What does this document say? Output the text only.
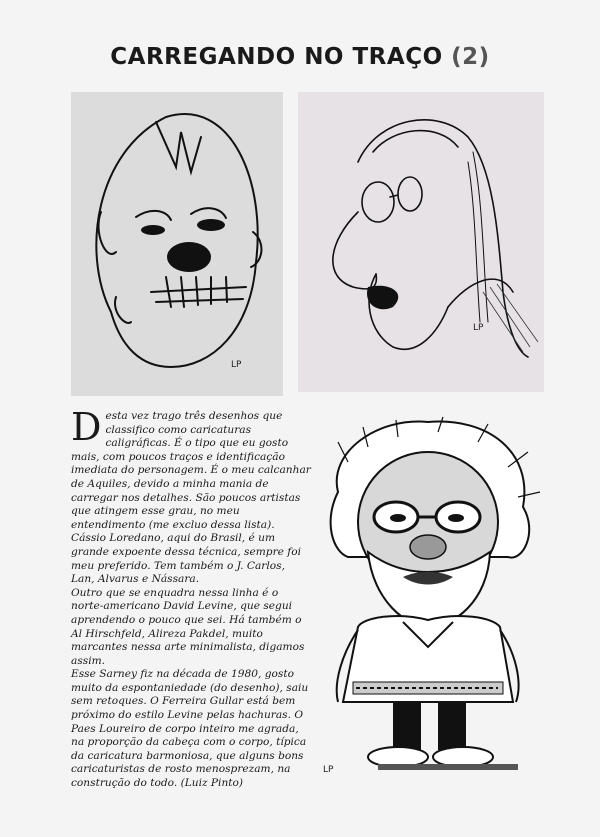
CARREGANDO NO TRAÇO (2)
LP
LP
D esta vez trago três desenhos que classifico como caricaturas caligráficas. É o tipo que eu gosto mais, com poucos traços e identificação imediata do personagem. É o meu calcanhar de Aquiles, devido a minha mania de carregar nos detalhes. São poucos artistas que atingem esse grau, no meu entendimento (me excluo dessa lista). Cássio Loredano, aqui do Brasil, é um grande expoente dessa técnica, sempre foi meu preferido. Tem também o J. Carlos, Lan, Alvarus e Nássara.

Outro que se enquadra nessa linha é o norte-americano David Levine, que segui aprendendo o pouco que sei. Há também o Al Hirschfeld, Alireza Pakdel, muito marcantes nessa arte minimalista, digamos assim.

Esse Sarney fiz na década de 1980, gosto muito da espontaniedade (do desenho), saiu sem retoques. O Ferreira Gullar está bem próximo do estilo Levine pelas hachuras. O Paes Loureiro de corpo inteiro me agrada, na proporção da cabeça com o corpo, típica da caricatura barmoniosa, que alguns bons caricaturistas de rosto menosprezam, na construção do todo. (Luiz Pinto)

LP
